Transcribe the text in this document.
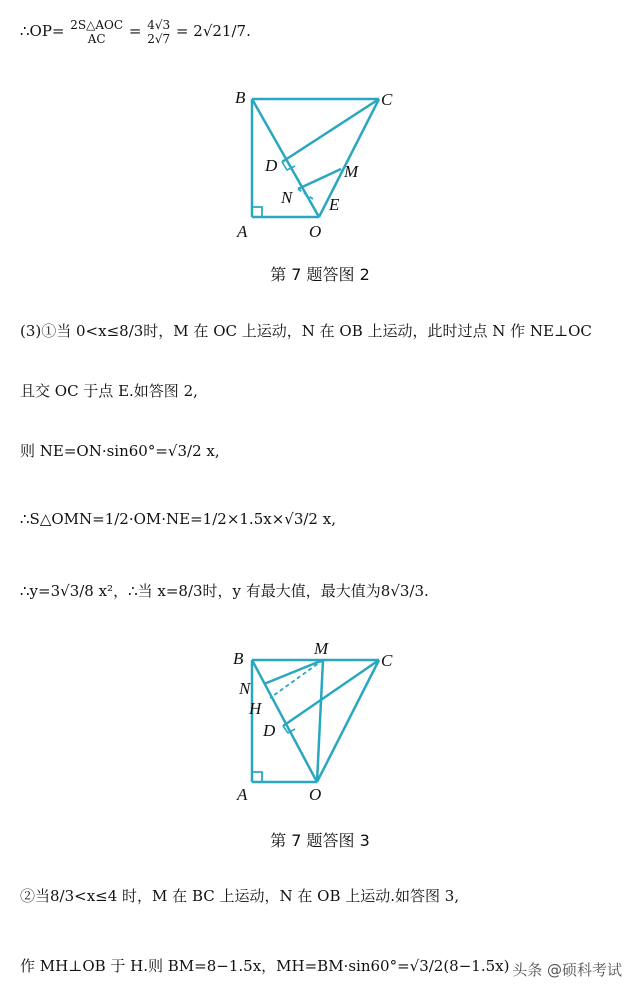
∴OP= 2S△AOC
AC	= 4√3
2√7 = 2√21/7.
B	C
D	M
N E
A	O
第 7 题答图 2
(3)①当 0<x≤8/3时，M 在 OC 上运动，N 在 OB 上运动，此时过点 N 作 NE⊥OC
且交 OC 于点 E.如答图 2,
则 NE=ON·sin60°=√3/2 x,
∴S△OMN=1/2·OM·NE=1/2×1.5x×√3/2 x,
∴y=3√3/8 x²，∴当 x=8/3时，y 有最大值，最大值为8√3/3.
B
M
C
N
H
D
A	O
第 7 题答图 3
②当8/3<x≤4 时，M 在 BC 上运动，N 在 OB 上运动.如答图 3,
作 MH⊥OB 于 H.则 BM=8−1.5x，MH=BM·sin60°=√3/2(8−1.5x) 头条 @硕科考试
